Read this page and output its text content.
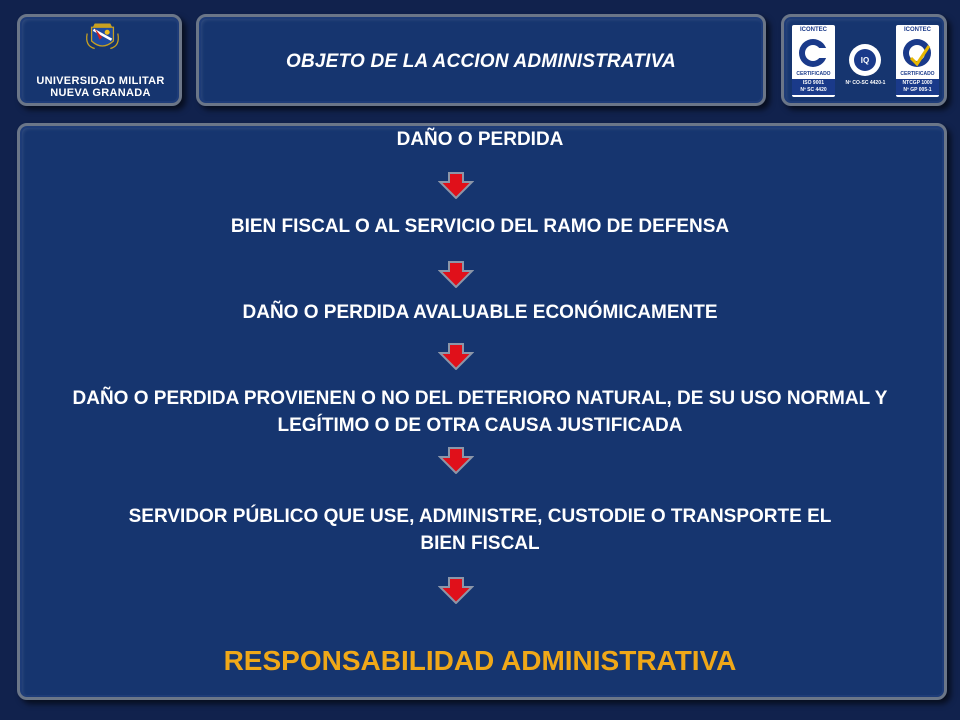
UNIVERSIDAD MILITAR
NUEVA GRANADA
OBJETO DE LA ACCION ADMINISTRATIVA
ICONTEC
CERTIFICADO
ISO 9001
Nº SC 4420
IQ
Nº CO-SC 4420-1
ICONTEC
CERTIFICADO
NTCGP 1000
Nº GP 005-1
DAÑO O PERDIDA
BIEN FISCAL O AL SERVICIO DEL RAMO DE DEFENSA
DAÑO O PERDIDA AVALUABLE ECONÓMICAMENTE
DAÑO O PERDIDA PROVIENEN O NO DEL DETERIORO NATURAL, DE SU USO NORMAL Y LEGÍTIMO O DE OTRA CAUSA JUSTIFICADA
SERVIDOR PÚBLICO QUE USE, ADMINISTRE, CUSTODIE O TRANSPORTE EL BIEN FISCAL
RESPONSABILIDAD ADMINISTRATIVA
